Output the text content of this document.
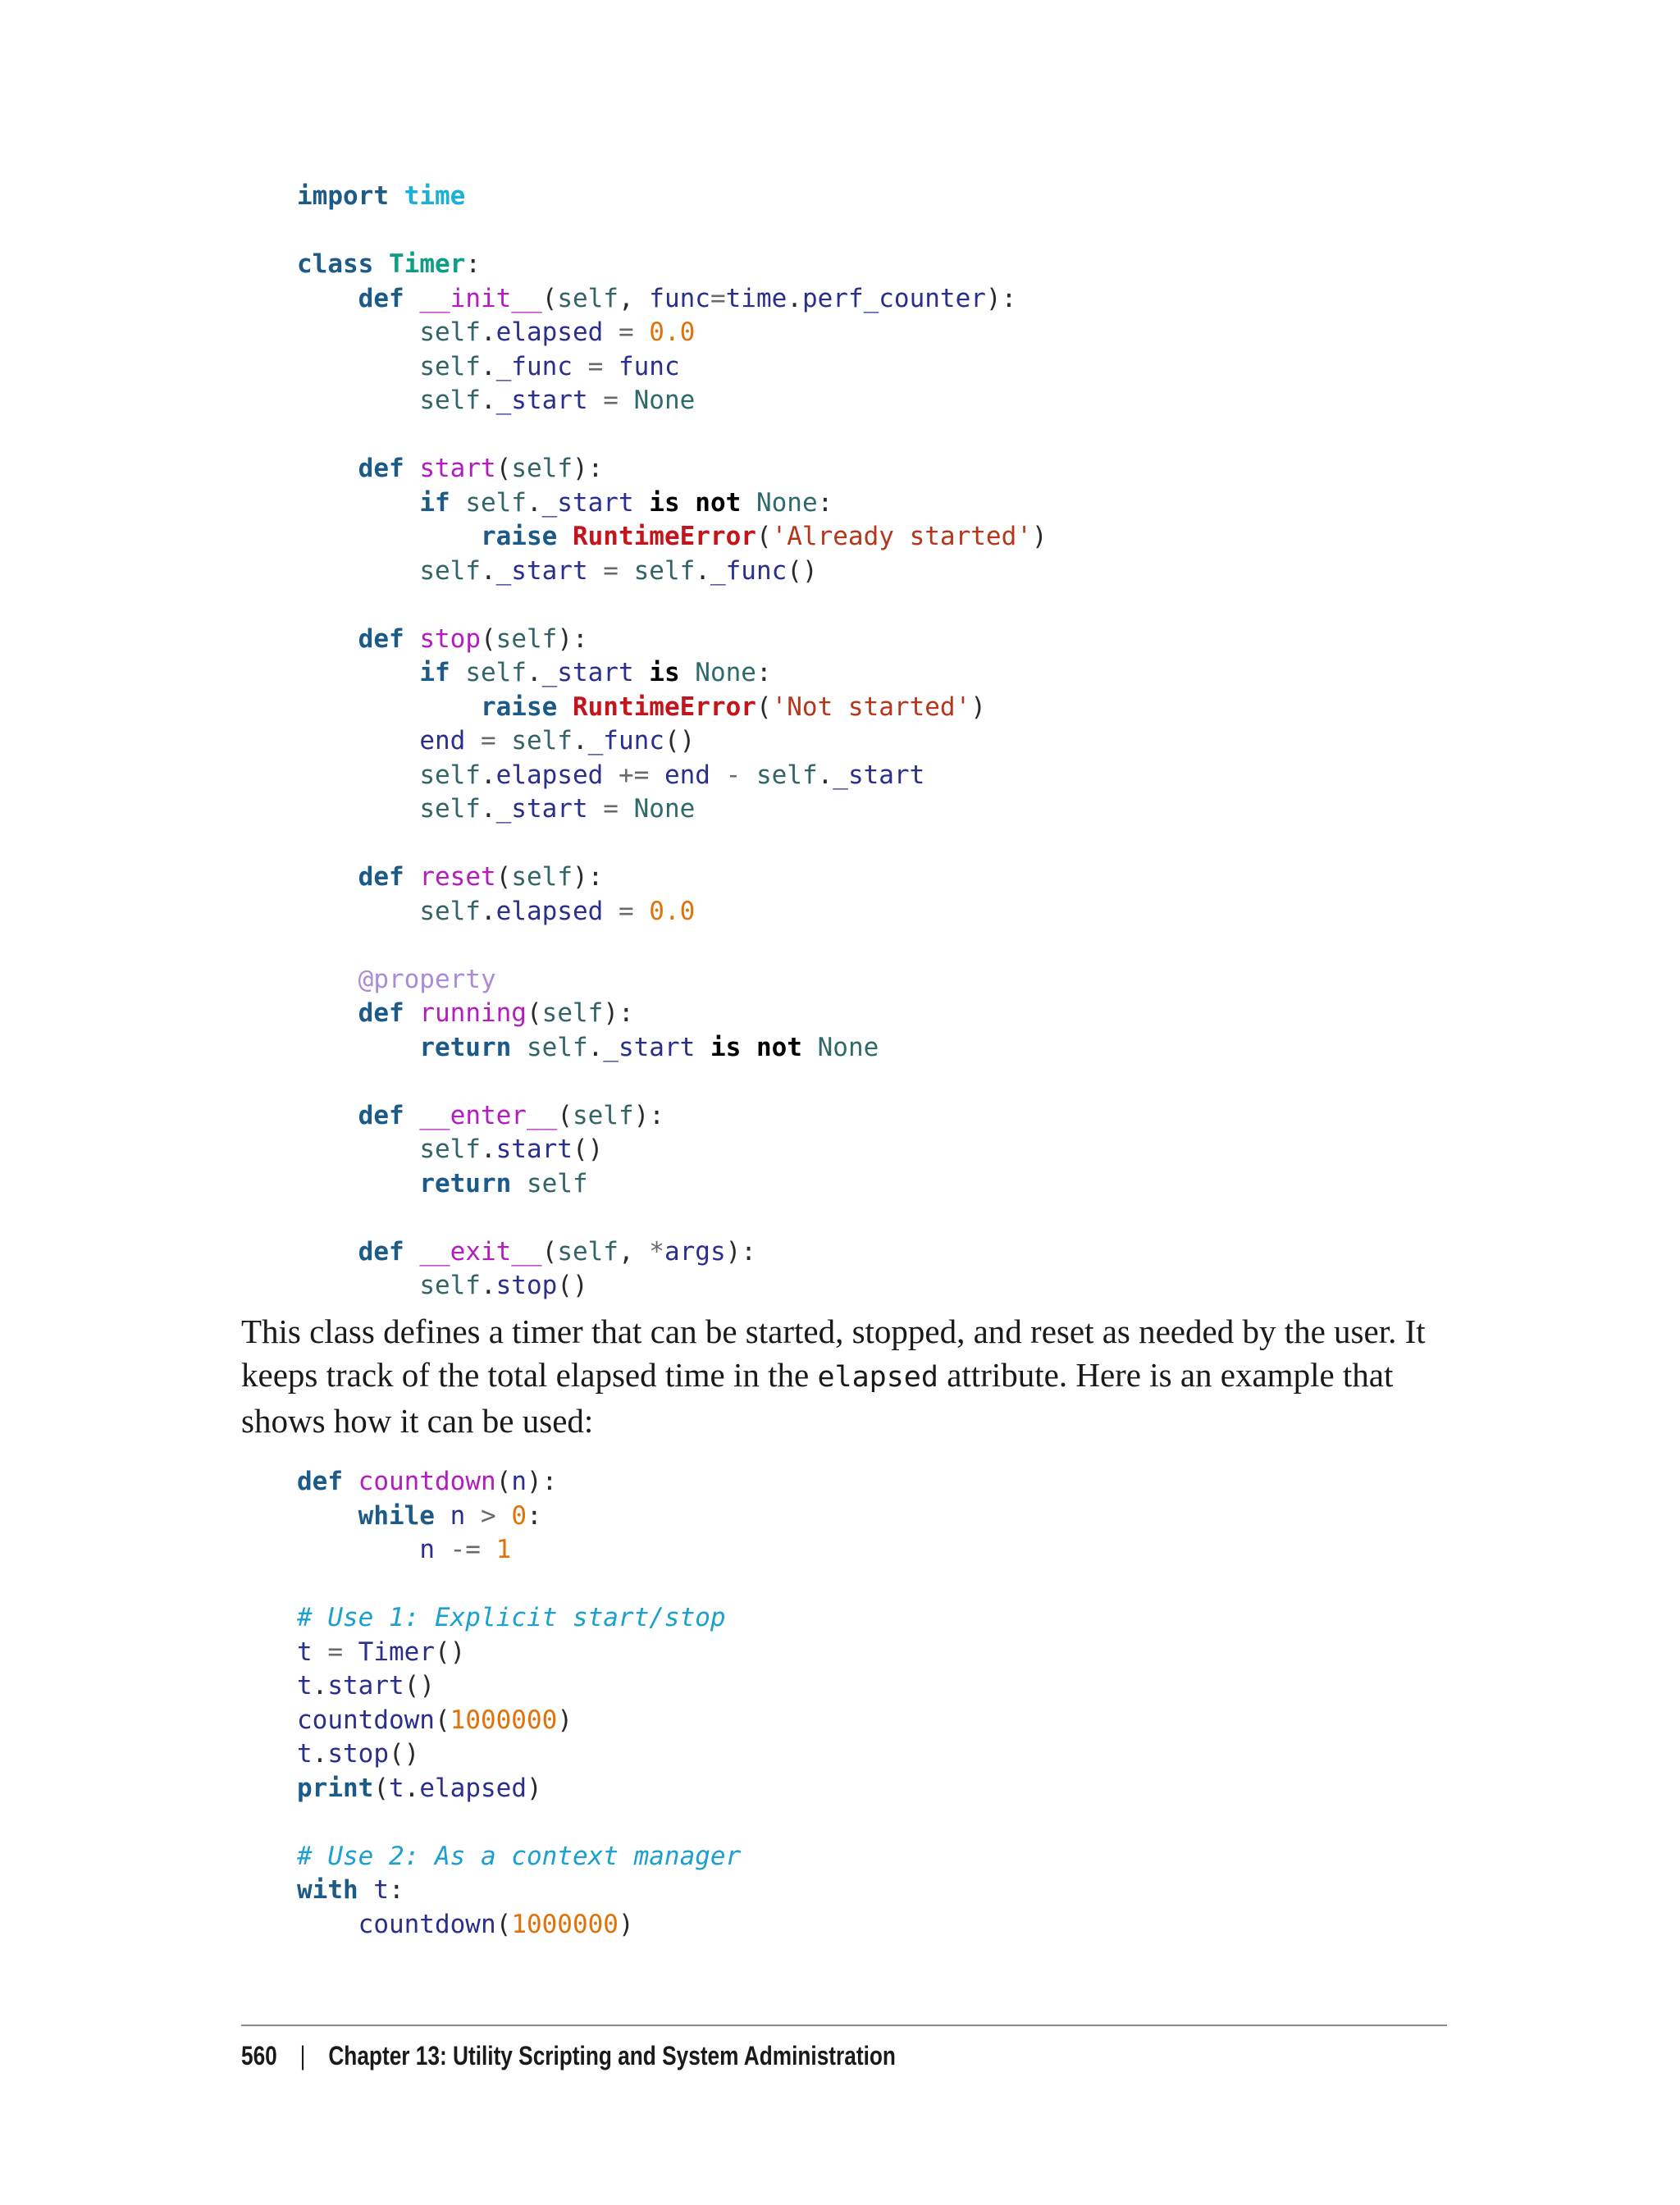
import time
class Timer:
def __init__(self, func=time.perf_counter):
self.elapsed = 0.0
self._func = func
self._start = None
def start(self):
if self._start is not None:
raise RuntimeError('Already started')
self._start = self._func()
def stop(self):
if self._start is None:
raise RuntimeError('Not started')
end = self._func()
self.elapsed += end - self._start
self._start = None
def reset(self):
self.elapsed = 0.0
@property
def running(self):
return self._start is not None
def __enter__(self):
self.start()
return self
def __exit__(self, *args):
self.stop()

This class defines a timer that can be started, stopped, and reset as needed by the user. It keeps track of the total elapsed time in the elapsed attribute. Here is an example that shows how it can be used:

def countdown(n):
while n > 0:
n -= 1
# Use 1: Explicit start/stop
t = Timer()
t.start()
countdown(1000000)
t.stop()
print(t.elapsed)
# Use 2: As a context manager
with t:
countdown(1000000)
560 | Chapter 13: Utility Scripting and System Administration
